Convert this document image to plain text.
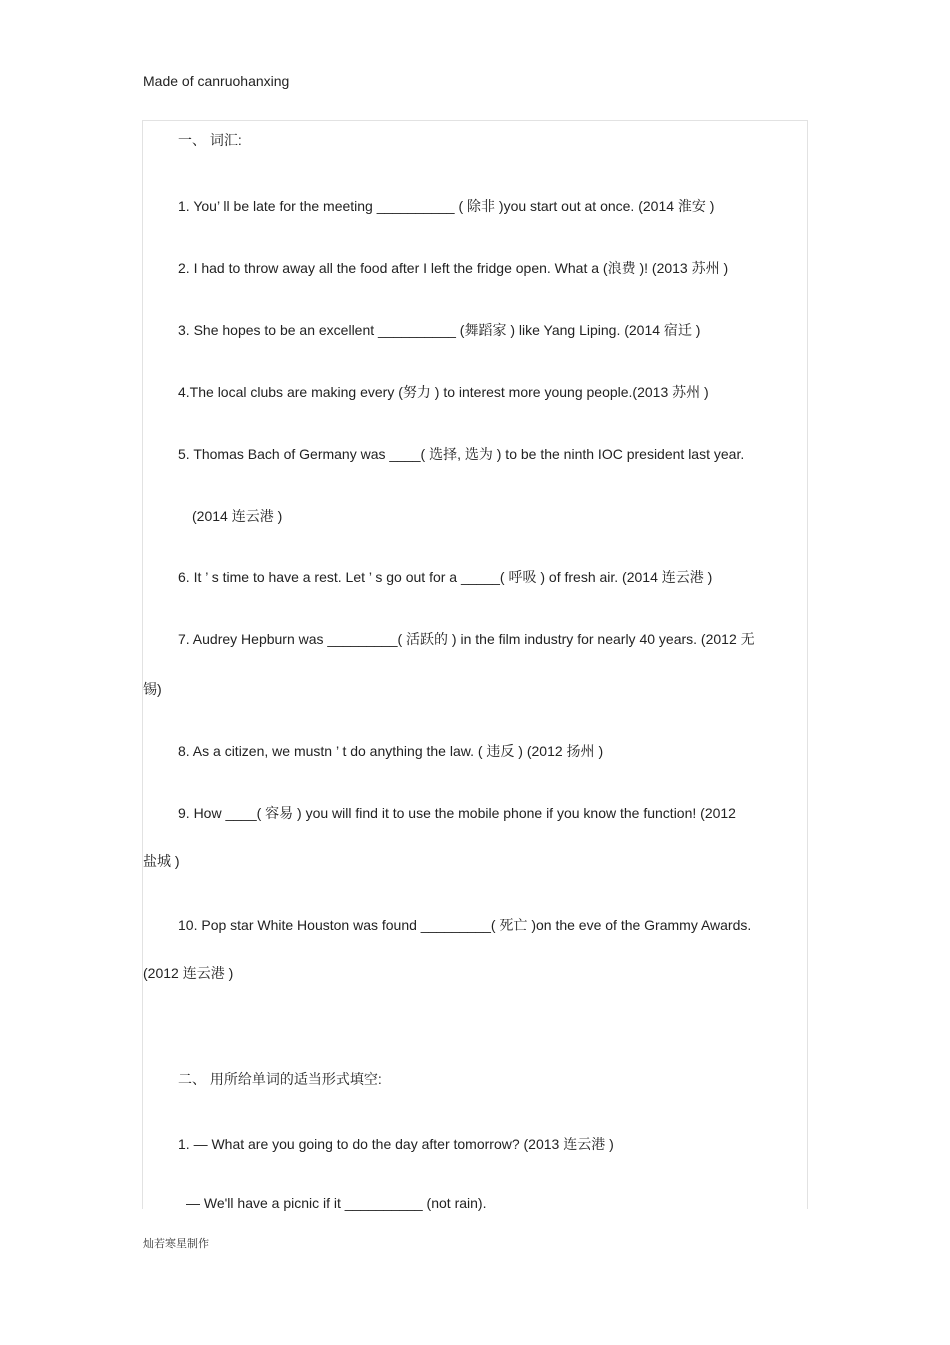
Made of canruohanxing
一、 词汇:
1. You’ ll be late for the meeting __________ ( 除非 )you start out at once. (2014 淮安 )
2. I had to throw away all the food after I left the fridge open. What a (浪费 )! (2013 苏州 )
3. She hopes to be an excellent __________ (舞蹈家 ) like Yang Liping. (2014 宿迁 )
4.The local clubs are making every (努力 ) to interest more young people.(2013 苏州 )
5. Thomas Bach of Germany was ____( 选择, 选为 ) to be the ninth IOC president last year.
(2014 连云港 )
6. It ’ s time to have a rest. Let ’ s go out for a _____( 呼吸 ) of fresh air. (2014 连云港 )
7. Audrey Hepburn was _________( 活跃的 ) in the film industry for nearly 40 years. (2012 无
锡)
8. As a citizen, we mustn ’ t do anything the law. ( 违反 ) (2012 扬州 )
9. How ____( 容易 ) you will find it to use the mobile phone if you know the function! (2012
盐城 )
10. Pop star White Houston was found _________( 死亡 )on the eve of the Grammy Awards.
(2012 连云港 )
二、 用所给单词的适当形式填空:
1. — What are you going to do the day after tomorrow? (2013 连云港 )
— We'll have a picnic if it __________ (not rain).
灿若寒星制作
